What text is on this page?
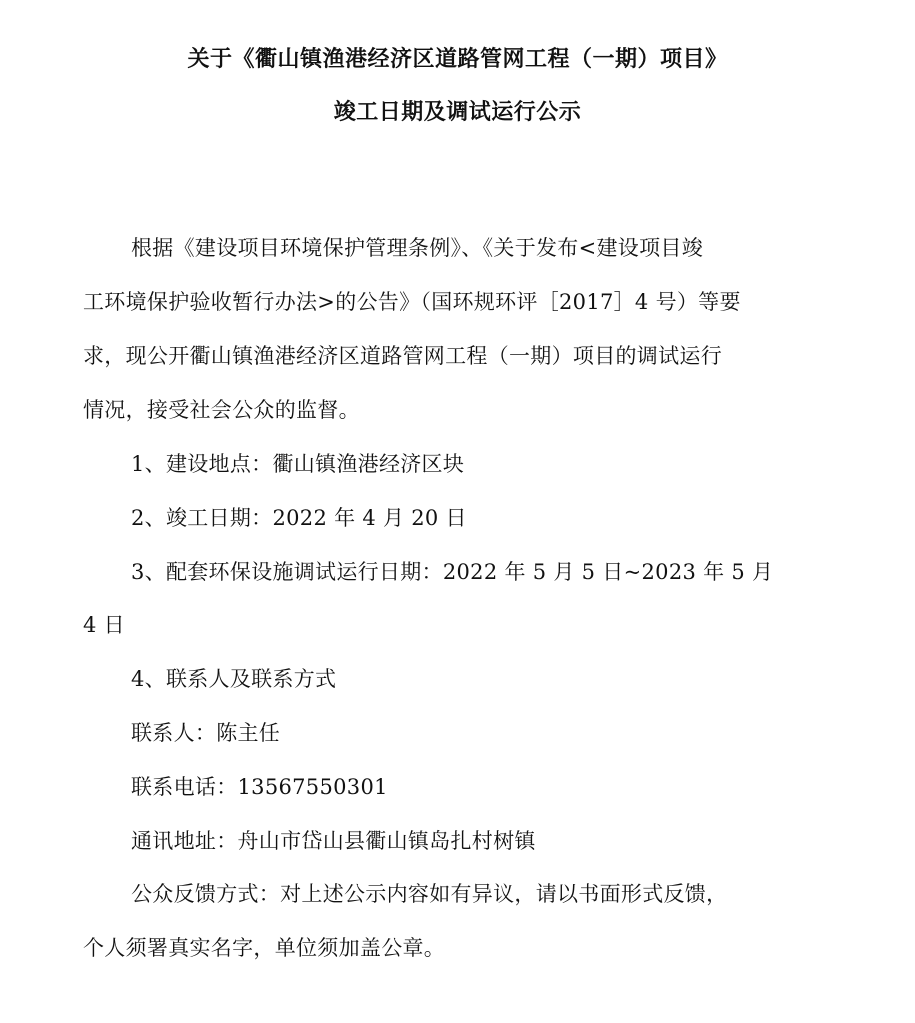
关于《衢山镇渔港经济区道路管网工程（一期）项目》
竣工日期及调试运行公示
根据《建设项目环境保护管理条例》、《关于发布<建设项目竣
工环境保护验收暂行办法>的公告》（国环规环评［2017］4 号）等要
求，现公开衢山镇渔港经济区道路管网工程（一期）项目的调试运行
情况，接受社会公众的监督。
1、建设地点：衢山镇渔港经济区块
2、竣工日期：2022 年 4 月 20 日
3、配套环保设施调试运行日期：2022 年 5 月 5 日~2023 年 5 月
4 日
4、联系人及联系方式
联系人：陈主任
联系电话：13567550301
通讯地址：舟山市岱山县衢山镇岛扎村树镇
公众反馈方式：对上述公示内容如有异议，请以书面形式反馈，
个人须署真实名字，单位须加盖公章。
